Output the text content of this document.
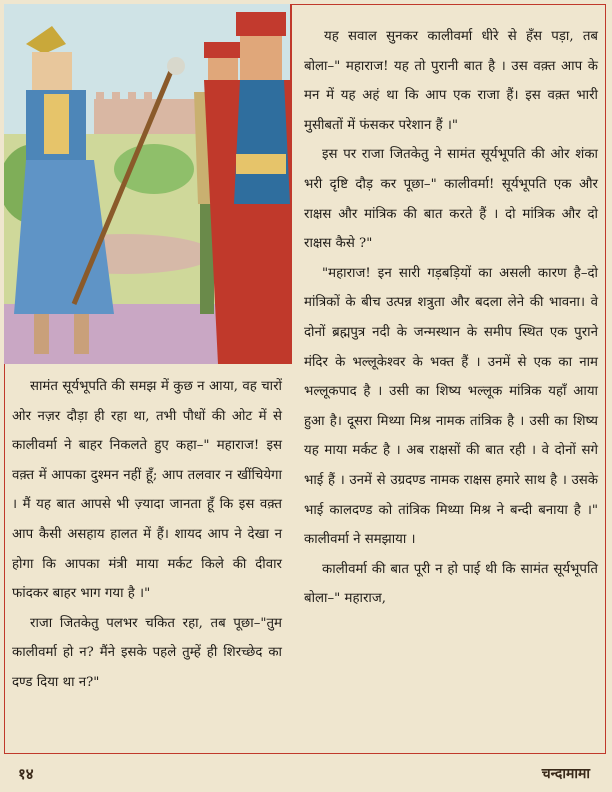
यह सवाल सुनकर कालीवर्मा धीरे से हँस पड़ा, तब बोला–" महाराज! यह तो पुरानी बात है । उस वक़्त आप के मन में यह अहं था कि आप एक राजा हैं। इस वक़्त भारी मुसीबतों में फंसकर परेशान हैं ।"

इस पर राजा जितकेतु ने सामंत सूर्यभूपति की ओर शंका भरी दृष्टि दौड़ कर पूछा–" कालीवर्मा! सूर्यभूपति एक और राक्षस और मांत्रिक की बात करते हैं । दो मांत्रिक और दो राक्षस कैसे ?"

"महाराज! इन सारी गड़बड़ियों का असली कारण है–दो मांत्रिकों के बीच उत्पन्न शत्रुता और बदला लेने की भावना। वे दोनों ब्रह्मपुत्र नदी के जन्मस्थान के समीप स्थित एक पुराने मंदिर के भल्लूकेश्वर के भक्त हैं । उनमें से एक का नाम भल्लूकपाद है । उसी का शिष्य भल्लूक मांत्रिक यहाँ आया हुआ है। दूसरा मिथ्या मिश्र नामक तांत्रिक है । उसी का शिष्य यह माया मर्कट है । अब राक्षसों की बात रही । वे दोनों सगे भाई हैं । उनमें से उग्रदण्ड नामक राक्षस हमारे साथ है । उसके भाई कालदण्ड को तांत्रिक मिथ्या मिश्र ने बन्दी बनाया है ।" कालीवर्मा ने समझाया ।

कालीवर्मा की बात पूरी न हो पाई थी कि सामंत सूर्यभूपति बोला–" महाराज,

सामंत सूर्यभूपति की समझ में कुछ न आया, वह चारों ओर नज़र दौड़ा ही रहा था, तभी पौधों की ओट में से कालीवर्मा ने बाहर निकलते हुए कहा–" महाराज! इस वक़्त में आपका दुश्मन नहीं हूँ; आप तलवार न खींचियेगा । मैं यह बात आपसे भी ज़्यादा जानता हूँ कि इस वक़्त आप कैसी असहाय हालत में हैं। शायद आप ने देखा न होगा कि आपका मंत्री माया मर्कट किले की दीवार फांदकर बाहर भाग गया है ।"

राजा जितकेतु पलभर चकित रहा, तब पूछा–"तुम कालीवर्मा हो न? मैंने इसके पहले तुम्हें ही शिरच्छेद का दण्ड दिया था न?"

१४	चन्दामामा
